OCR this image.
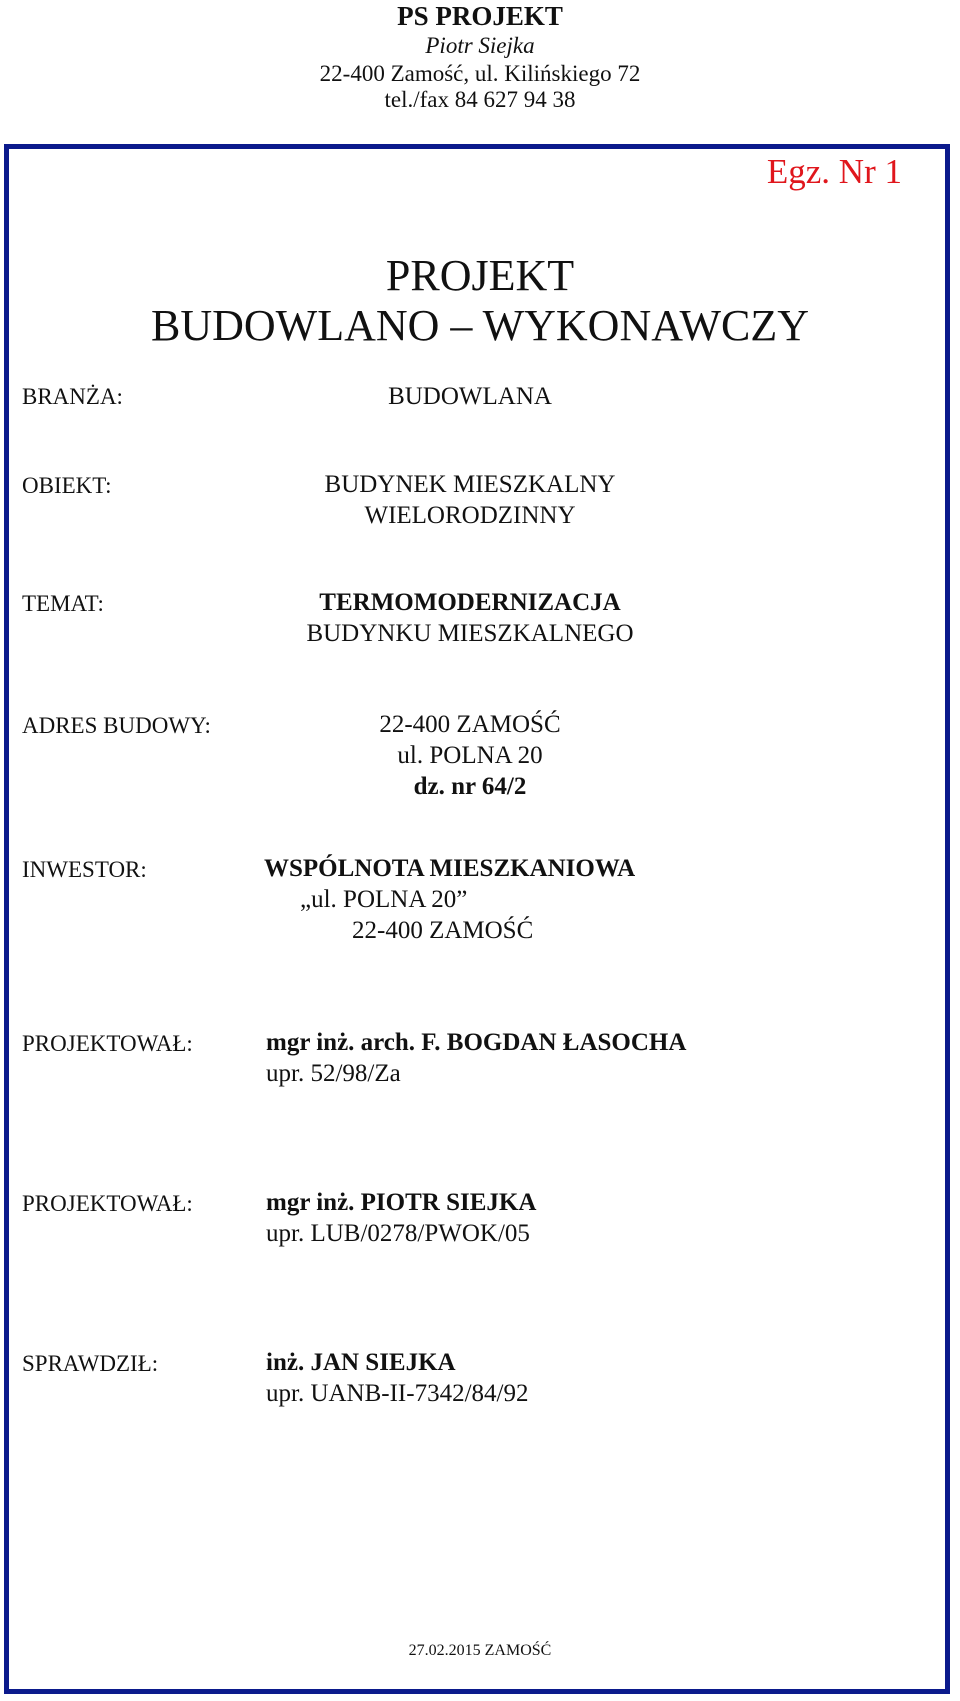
PS PROJEKT
Piotr Siejka
22-400 Zamość, ul. Kilińskiego 72
tel./fax 84 627 94 38
Egz. Nr 1
PROJEKT
BUDOWLANO – WYKONAWCZY
BRANŻA:	BUDOWLANA
OBIEKT:	BUDYNEK MIESZKALNY
WIELORODZINNY
TEMAT:	TERMOMODERNIZACJA
BUDYNKU MIESZKALNEGO
ADRES BUDOWY:	22-400 ZAMOŚĆ
ul. POLNA 20
dz. nr 64/2
INWESTOR:	WSPÓLNOTA MIESZKANIOWA
„ul. POLNA 20”
22-400 ZAMOŚĆ
PROJEKTOWAŁ:	mgr inż. arch. F. BOGDAN ŁASOCHA
upr. 52/98/Za
PROJEKTOWAŁ:	mgr inż. PIOTR SIEJKA
upr. LUB/0278/PWOK/05
SPRAWDZIŁ:	inż. JAN SIEJKA
upr. UANB-II-7342/84/92
27.02.2015 ZAMOŚĆ
